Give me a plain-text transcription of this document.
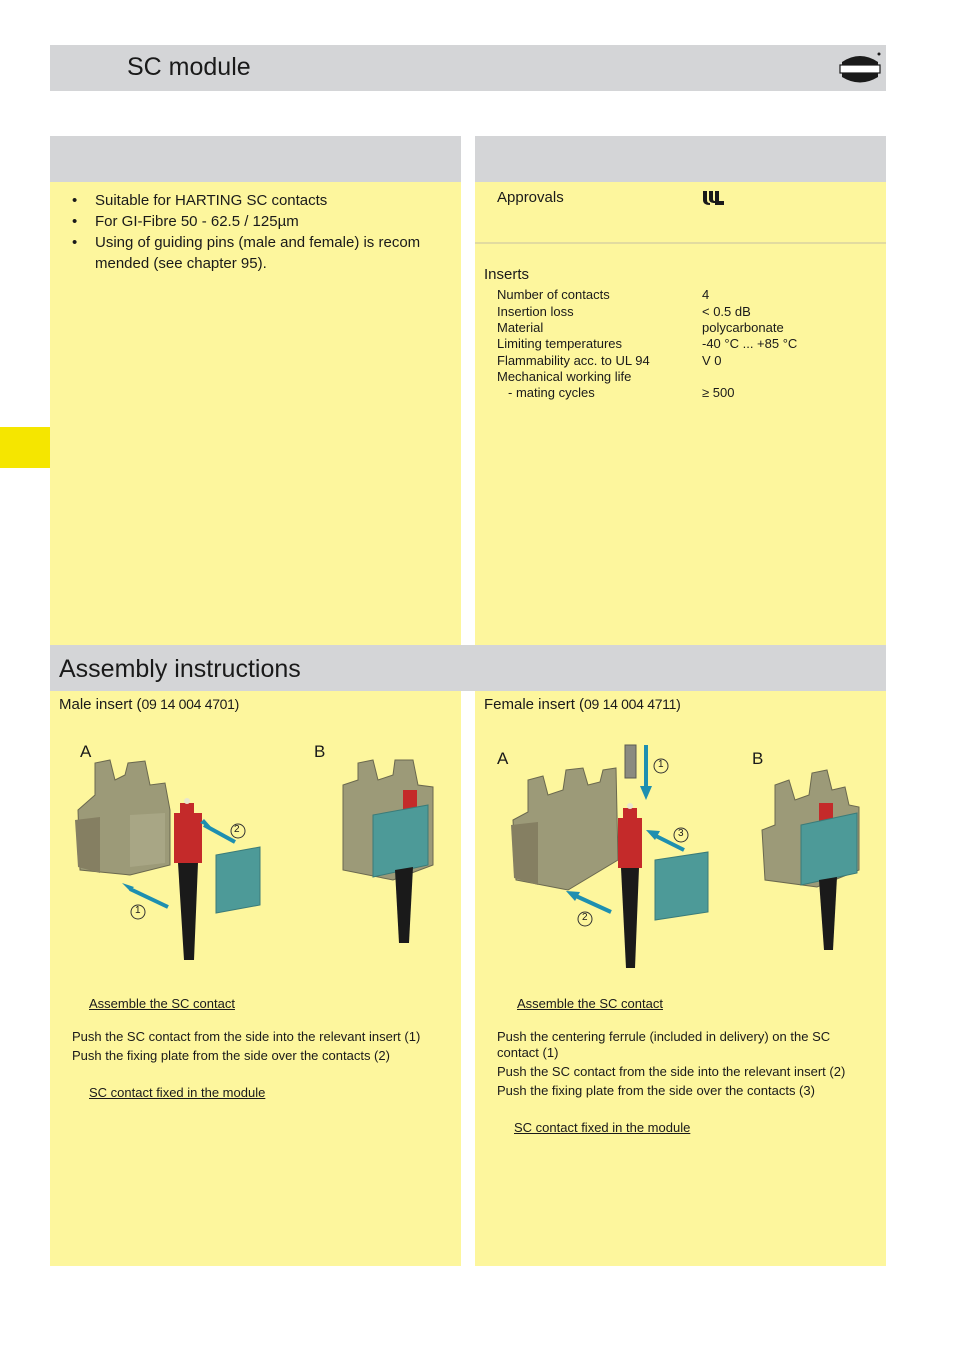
SC module
• Suitable for HARTING SC contacts
• For GI-Fibre 50 - 62.5 / 125µm
• Using of guiding pins (male and female) is recom
mended (see chapter 95).
Approvals
Inserts
Number of contacts	4
Insertion loss	< 0.5 dB
Material	polycarbonate
Limiting temperatures	-40 °C ... +85 °C
Flammability acc. to UL 94	V 0
Mechanical working life
- mating cycles	≥ 500
Assembly instructions
Male insert (09 14 004 4701)
A	B
2
1
Assemble the SC contact
Push the SC contact from the side into the relevant insert (1)
Push the fixing plate from the side over the contacts (2)
SC contact fixed in the module
Female insert (09 14 004 4711)
A	B
1
3
2
Assemble the SC contact
Push the centering ferrule (included in delivery) on the SC
contact (1)
Push the SC contact from the side into the relevant insert (2)
Push the fixing plate from the side over the contacts (3)
SC contact fixed in the module
